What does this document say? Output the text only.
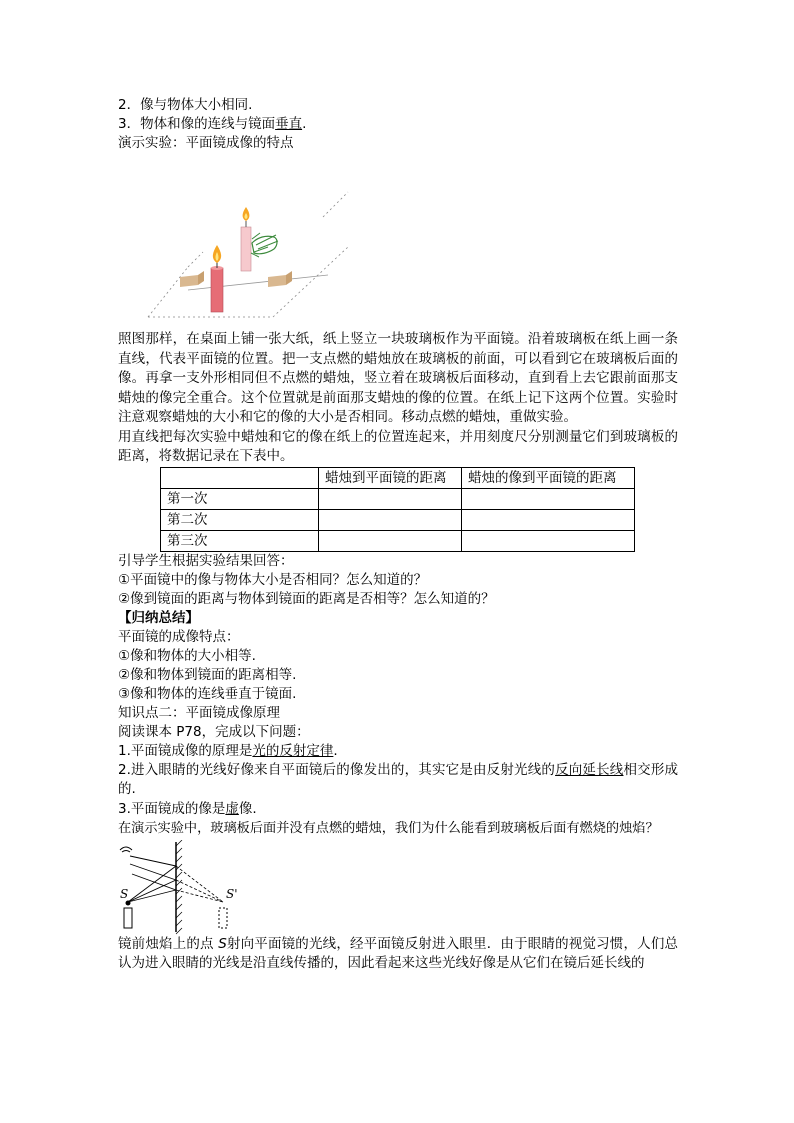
2．像与物体大小相同.
3．物体和像的连线与镜面垂直.
演示实验：平面镜成像的特点
照图那样，在桌面上铺一张大纸，纸上竖立一块玻璃板作为平面镜。沿着玻璃板在纸上画一条直线，代表平面镜的位置。把一支点燃的蜡烛放在玻璃板的前面，可以看到它在玻璃板后面的像。再拿一支外形相同但不点燃的蜡烛，竖立着在玻璃板后面移动，直到看上去它跟前面那支蜡烛的像完全重合。这个位置就是前面那支蜡烛的像的位置。在纸上记下这两个位置。实验时注意观察蜡烛的大小和它的像的大小是否相同。移动点燃的蜡烛，重做实验。
用直线把每次实验中蜡烛和它的像在纸上的位置连起来，并用刻度尺分别测量它们到玻璃板的距离，将数据记录在下表中。
	蜡烛到平面镜的距离	蜡烛的像到平面镜的距离
第一次		
第二次		
第三次		
引导学生根据实验结果回答：
①平面镜中的像与物体大小是否相同？怎么知道的？
②像到镜面的距离与物体到镜面的距离是否相等？怎么知道的？
【归纳总结】
平面镜的成像特点：
①像和物体的大小相等.
②像和物体到镜面的距离相等.
③像和物体的连线垂直于镜面.
知识点二：平面镜成像原理
阅读课本 P78，完成以下问题：
1.平面镜成像的原理是光的反射定律.
2.进入眼睛的光线好像来自平面镜后的像发出的，其实它是由反射光线的反向延长线相交形成的.
3.平面镜成的像是虚像.
在演示实验中，玻璃板后面并没有点燃的蜡烛，我们为什么能看到玻璃板后面有燃烧的烛焰？
S	S'
镜前烛焰上的点 S射向平面镜的光线，经平面镜反射进入眼里．由于眼睛的视觉习惯，人们总认为进入眼睛的光线是沿直线传播的，因此看起来这些光线好像是从它们在镜后延长线的
